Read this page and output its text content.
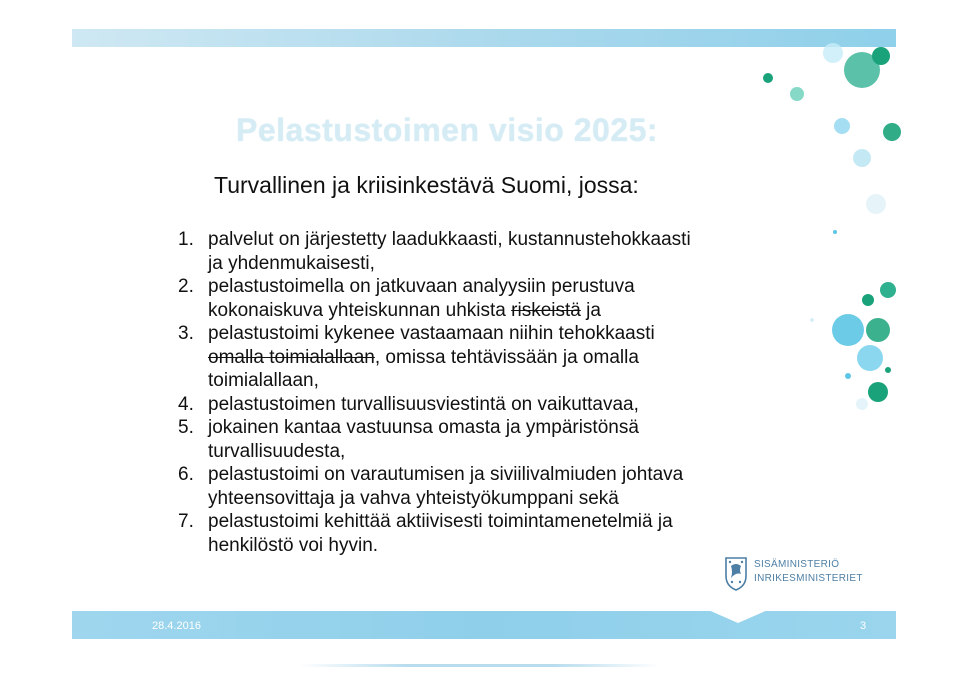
Pelastustoimen visio 2025:
Turvallinen ja kriisinkestävä Suomi, jossa:
1. palvelut on järjestetty laadukkaasti, kustannustehokkaasti
ja yhdenmukaisesti,
2. pelastustoimella on jatkuvaan analyysiin perustuva
kokonaiskuva yhteiskunnan uhkista riskeistä ja
3. pelastustoimi kykenee vastaamaan niihin tehokkaasti
omalla toimialallaan, omissa tehtävissään ja omalla
toimialallaan,
4. pelastustoimen turvallisuusviestintä on vaikuttavaa,
5. jokainen kantaa vastuunsa omasta ja ympäristönsä
turvallisuudesta,
6. pelastustoimi on varautumisen ja siviilivalmiuden johtava
yhteensovittaja ja vahva yhteistyökumppani sekä
7. pelastustoimi kehittää aktiivisesti toimintamenetelmiä ja
henkilöstö voi hyvin.
SISÄMINISTERIÖ
INRIKESMINISTERIET
28.4.2016	3
